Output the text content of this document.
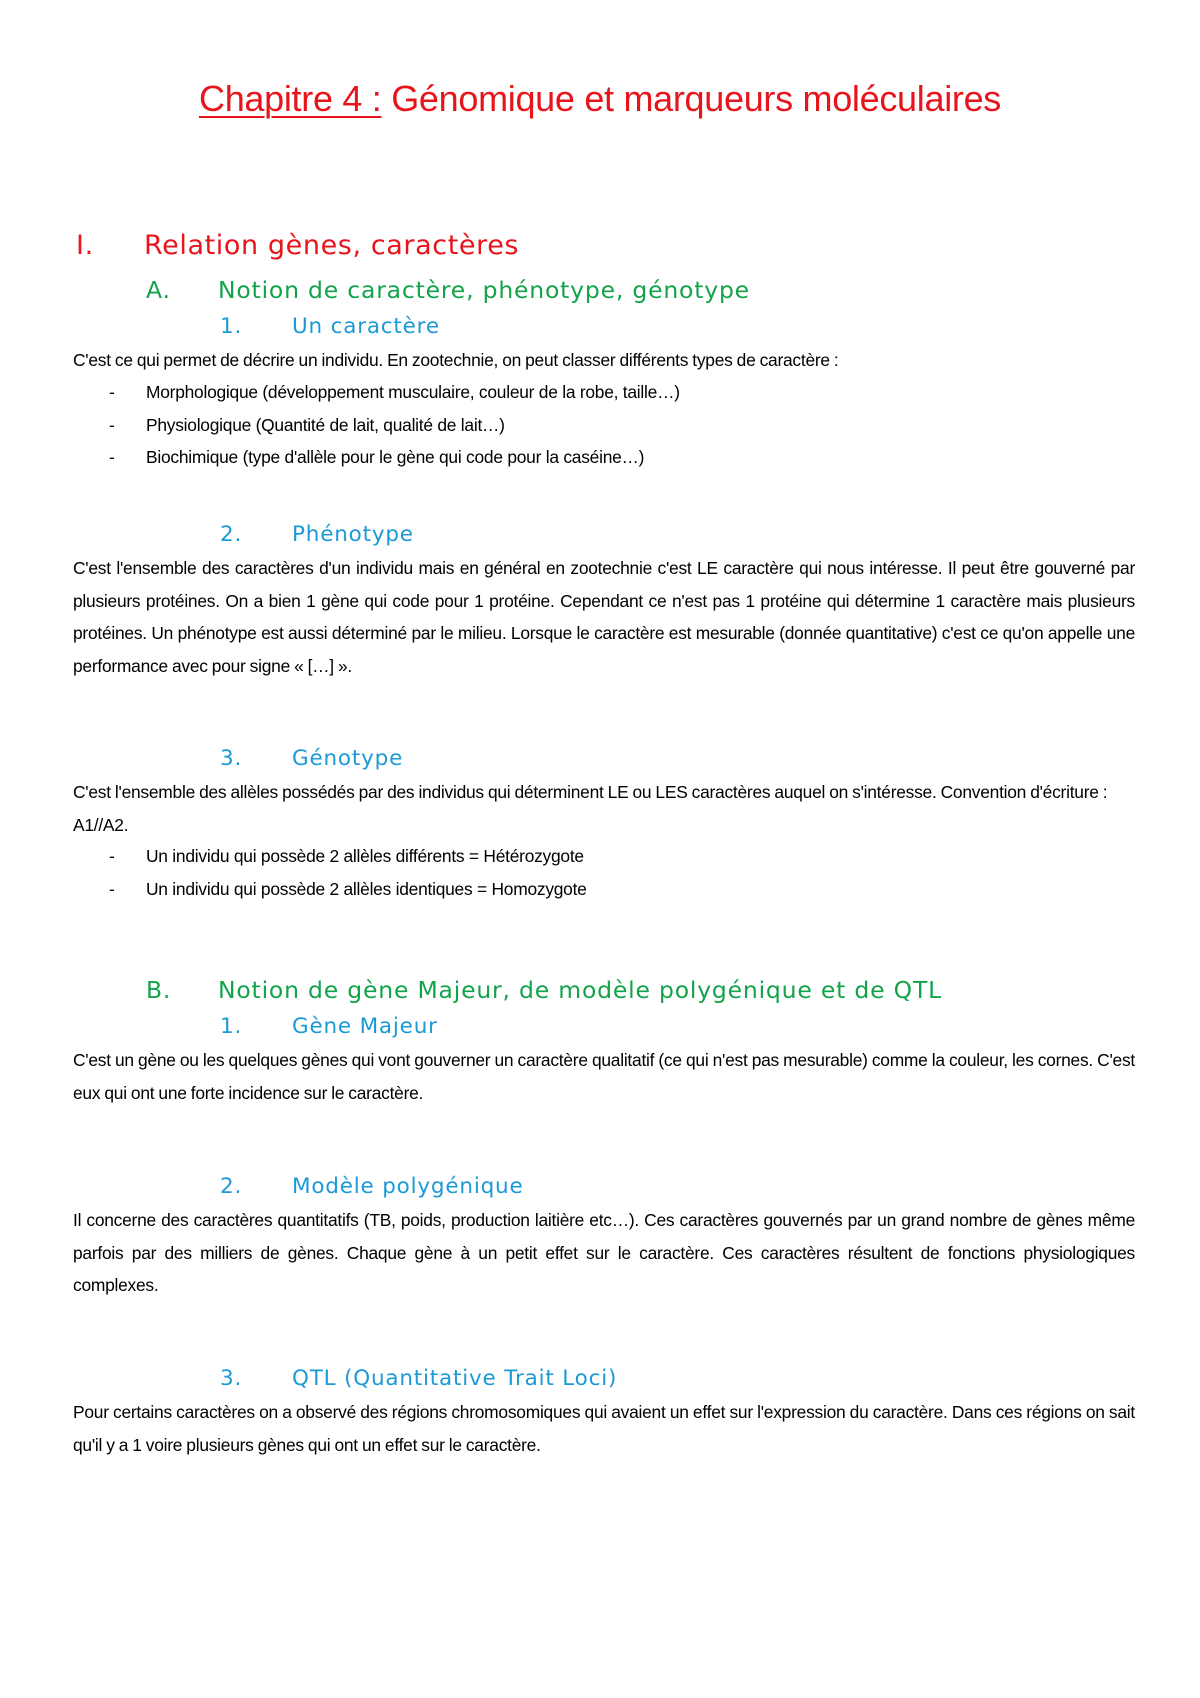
Chapitre 4 : Génomique et marqueurs moléculaires
I. Relation gènes, caractères
A. Notion de caractère, phénotype, génotype
1. Un caractère
C'est ce qui permet de décrire un individu. En zootechnie, on peut classer différents types de caractère :
- Morphologique (développement musculaire, couleur de la robe, taille…)
- Physiologique (Quantité de lait, qualité de lait…)
- Biochimique (type d'allèle pour le gène qui code pour la caséine…)
2. Phénotype
C'est l'ensemble des caractères d'un individu mais en général en zootechnie c'est LE caractère qui nous intéresse. Il peut être gouverné par plusieurs protéines. On a bien 1 gène qui code pour 1 protéine. Cependant ce n'est pas 1 protéine qui détermine 1 caractère mais plusieurs protéines. Un phénotype est aussi déterminé par le milieu. Lorsque le caractère est mesurable (donnée quantitative) c'est ce qu'on appelle une performance avec pour signe « […] ».
3. Génotype
C'est l'ensemble des allèles possédés par des individus qui déterminent LE ou LES caractères auquel on s'intéresse. Convention d'écriture : A1//A2.
- Un individu qui possède 2 allèles différents = Hétérozygote
- Un individu qui possède 2 allèles identiques = Homozygote
B. Notion de gène Majeur, de modèle polygénique et de QTL
1. Gène Majeur
C'est un gène ou les quelques gènes qui vont gouverner un caractère qualitatif (ce qui n'est pas mesurable) comme la couleur, les cornes. C'est eux qui ont une forte incidence sur le caractère.
2. Modèle polygénique
Il concerne des caractères quantitatifs (TB, poids, production laitière etc…). Ces caractères gouvernés par un grand nombre de gènes même parfois par des milliers de gènes. Chaque gène à un petit effet sur le caractère. Ces caractères résultent de fonctions physiologiques complexes.
3. QTL (Quantitative Trait Loci)
Pour certains caractères on a observé des régions chromosomiques qui avaient un effet sur l'expression du caractère. Dans ces régions on sait qu'il y a 1 voire plusieurs gènes qui ont un effet sur le caractère.
